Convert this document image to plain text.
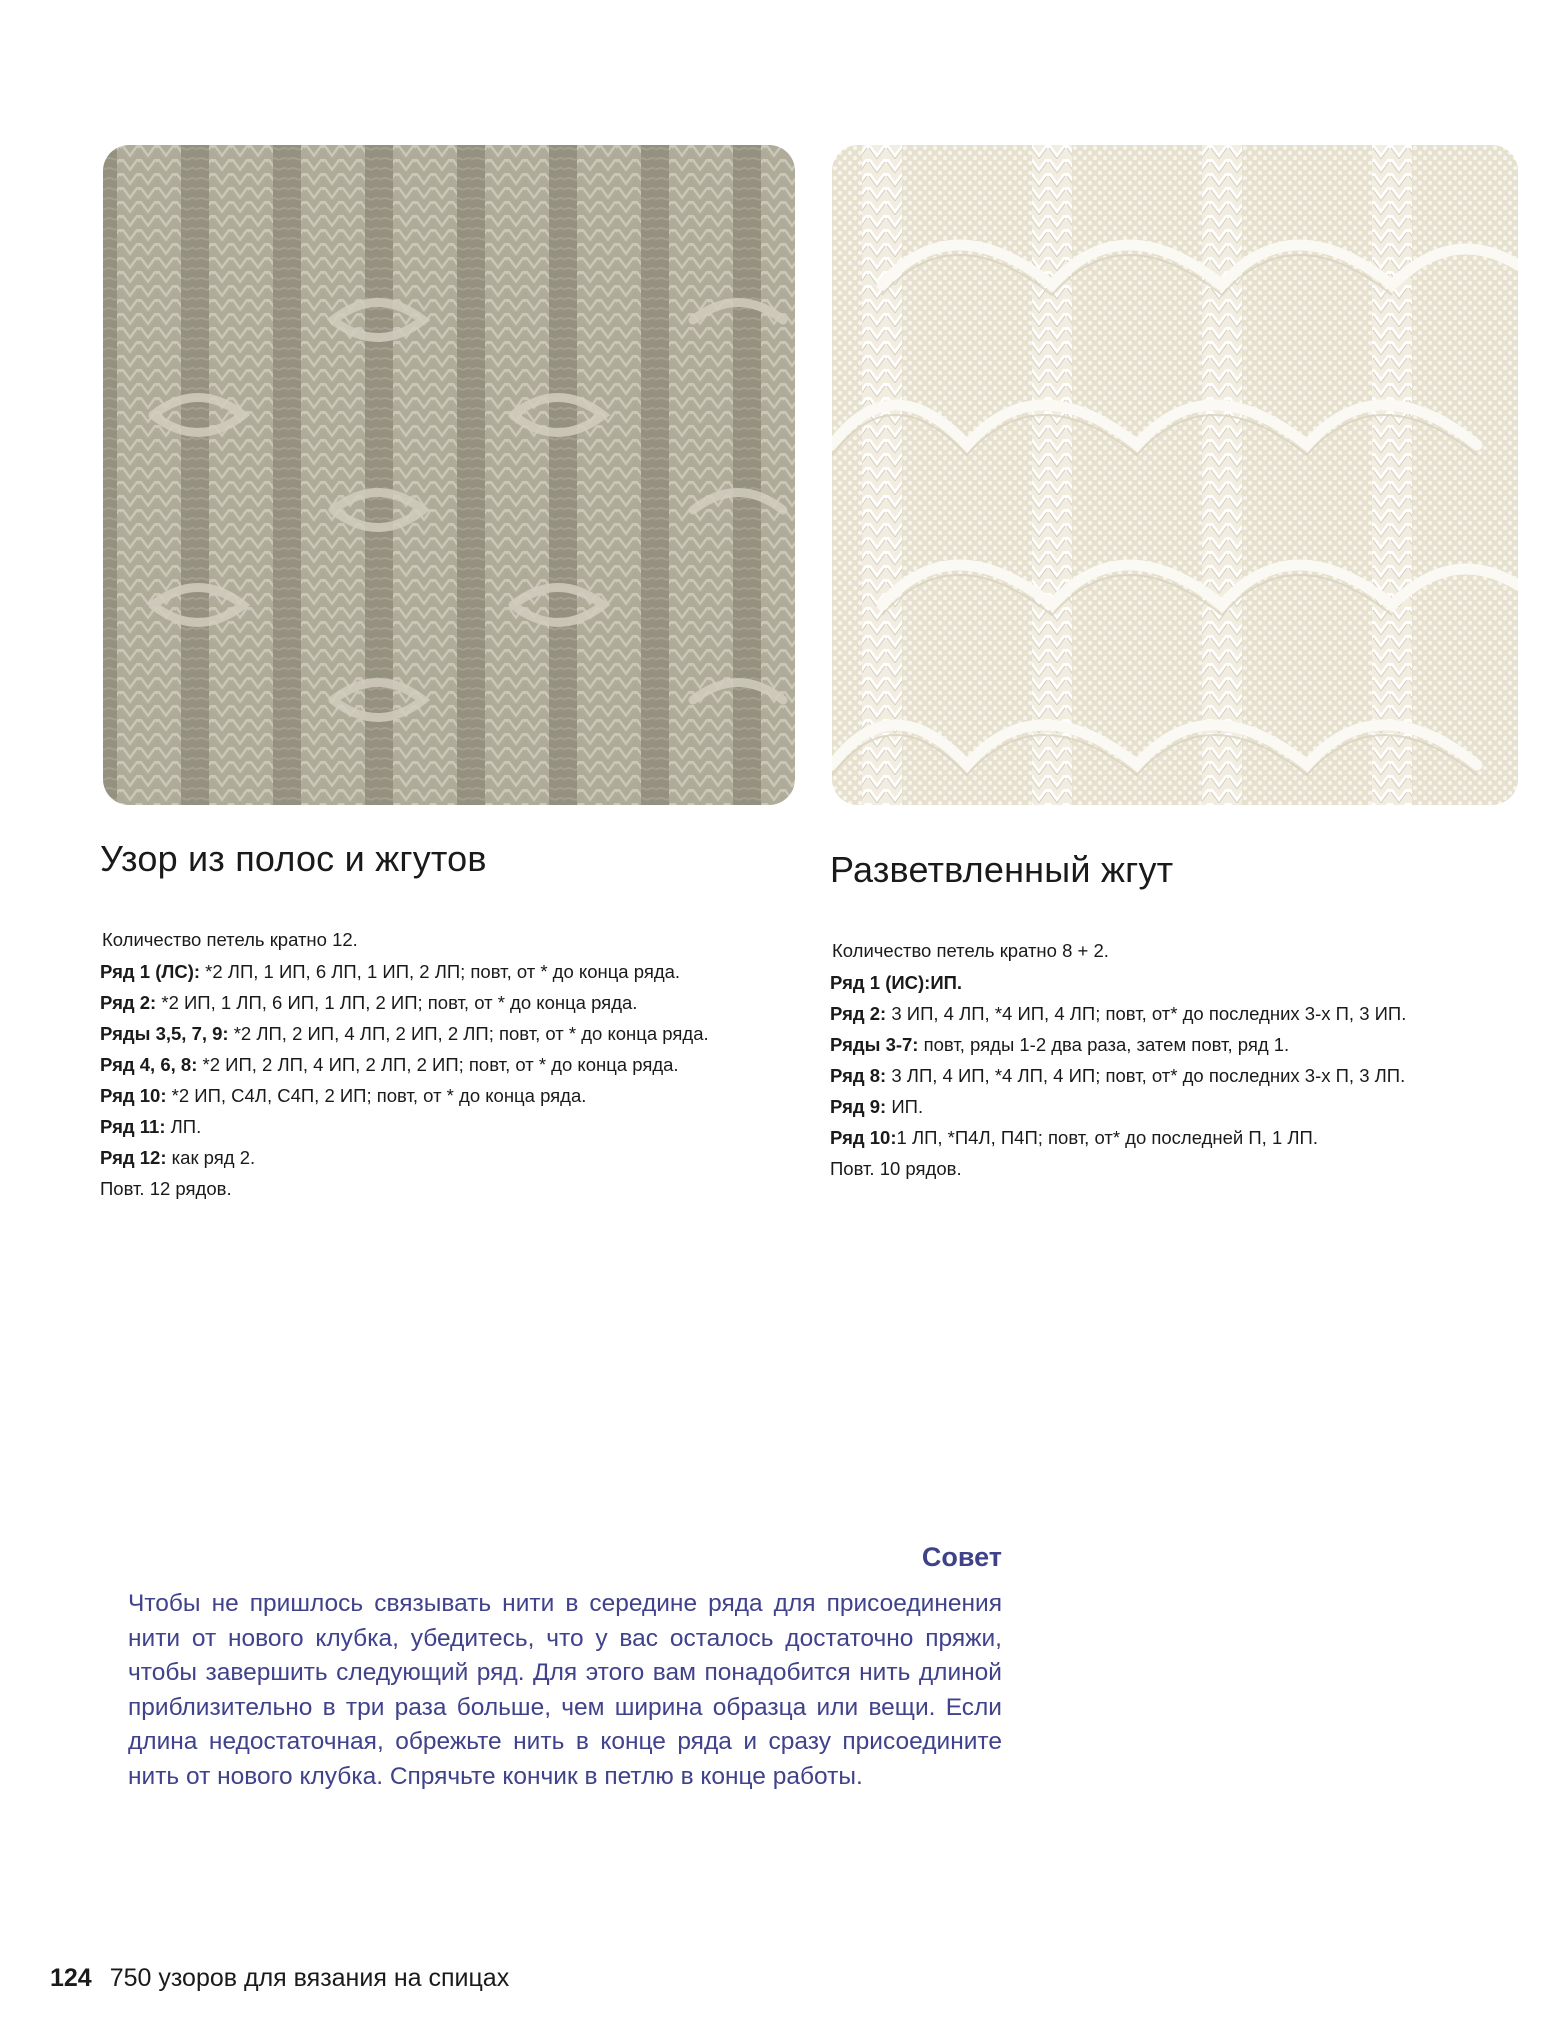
Узор из полос и жгутов

Количество петель кратно 12.

Ряд 1 (ЛС): *2 ЛП, 1 ИП, 6 ЛП, 1 ИП, 2 ЛП; повт, от * до конца ряда.

Ряд 2: *2 ИП, 1 ЛП, 6 ИП, 1 ЛП, 2 ИП; повт, от * до конца ряда.

Ряды 3,5, 7, 9: *2 ЛП, 2 ИП, 4 ЛП, 2 ИП, 2 ЛП; повт, от * до конца ряда.

Ряд 4, 6, 8: *2 ИП, 2 ЛП, 4 ИП, 2 ЛП, 2 ИП; повт, от * до конца ряда.

Ряд 10: *2 ИП, С4Л, С4П, 2 ИП; повт, от * до конца ряда.

Ряд 11: ЛП.

Ряд 12: как ряд 2.

Повт. 12 рядов.

Разветвленный жгут

Количество петель кратно 8 + 2.

Ряд 1 (ИС):ИП.

Ряд 2: 3 ИП, 4 ЛП, *4 ИП, 4 ЛП; повт, от* до последних 3-х П, 3 ИП.

Ряды 3-7: повт, ряды 1-2 два раза, затем повт, ряд 1.

Ряд 8: 3 ЛП, 4 ИП, *4 ЛП, 4 ИП; повт, от* до последних 3-х П, 3 ЛП.

Ряд 9: ИП.

Ряд 10:1 ЛП, *П4Л, П4П; повт, от* до последней П, 1 ЛП.

Повт. 10 рядов.

Совет

Чтобы не пришлось связывать нити в середине ряда для присоединения нити от нового клубка, убедитесь, что у вас осталось достаточно пряжи, чтобы завершить следующий ряд. Для этого вам понадобится нить длиной приблизительно в три раза больше, чем ширина образца или вещи. Если длина недостаточная, обрежьте нить в конце ряда и сразу присоедините нить от нового клубка. Спрячьте кончик в петлю в конце работы.

124 750 узоров для вязания на спицах
